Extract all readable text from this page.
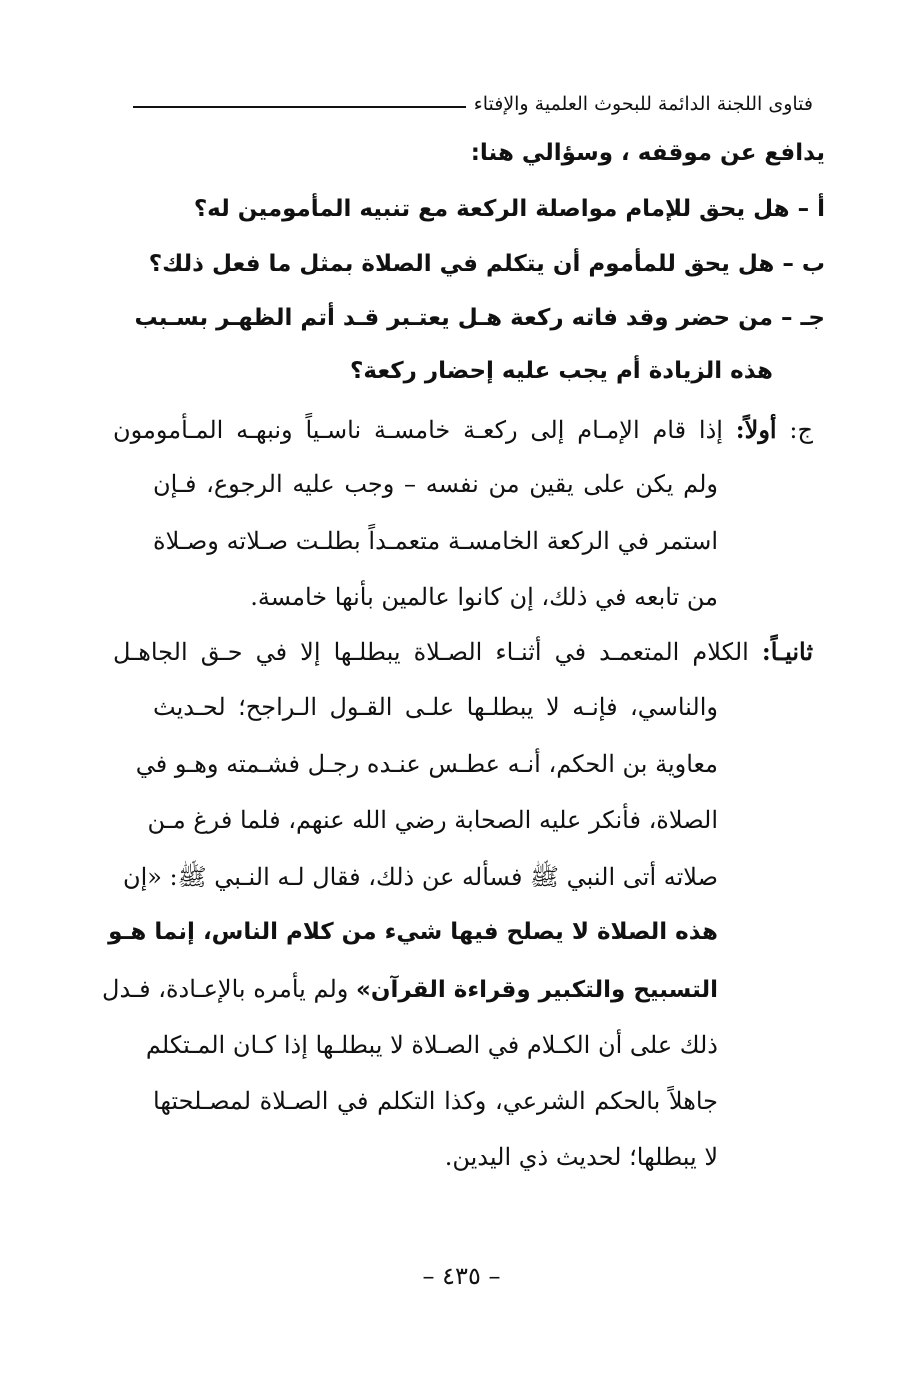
فتاوى اللجنة الدائمة للبحوث العلمية والإفتاء
يدافع عن موقفه ، وسؤالي هنا:
أ – هل يحق للإمام مواصلة الركعة مع تنبيه المأمومين له؟
ب – هل يحق للمأموم أن يتكلم في الصلاة بمثل ما فعل ذلك؟
جـ – من حضر وقد فاته ركعة هـل يعتـبر قـد أتم الظهـر بسـبب
هذه الزيادة أم يجب عليه إحضار ركعة؟
ج: أولاً: إذا قام الإمـام إلى ركعـة خامسـة ناسـياً ونبهـه المـأمومون
ولم يكن على يقين من نفسه – وجب عليه الرجوع، فـإن
استمر في الركعة الخامسـة متعمـداً بطلـت صـلاته وصـلاة
من تابعه في ذلك، إن كانوا عالمين بأنها خامسة.
ثانيـاً: الكلام المتعمـد في أثنـاء الصـلاة يبطلـها إلا في حـق الجاهـل
والناسي، فإنـه لا يبطلـها علـى القـول الـراجح؛ لحـديث
معاوية بن الحكم، أنـه عطـس عنـده رجـل فشـمته وهـو في
الصلاة، فأنكر عليه الصحابة رضي الله عنهم، فلما فرغ مـن
صلاته أتى النبي ﷺ فسأله عن ذلك، فقال لـه النـبي ﷺ: «إن
هذه الصلاة لا يصلح فيها شيء من كلام الناس، إنما هـو
التسبيح والتكبير وقراءة القرآن» ولم يأمره بالإعـادة، فـدل
ذلك على أن الكـلام في الصـلاة لا يبطلـها إذا كـان المـتكلم
جاهلاً بالحكم الشرعي، وكذا التكلم في الصـلاة لمصـلحتها
لا يبطلها؛ لحديث ذي اليدين.
– ٤٣٥ –
